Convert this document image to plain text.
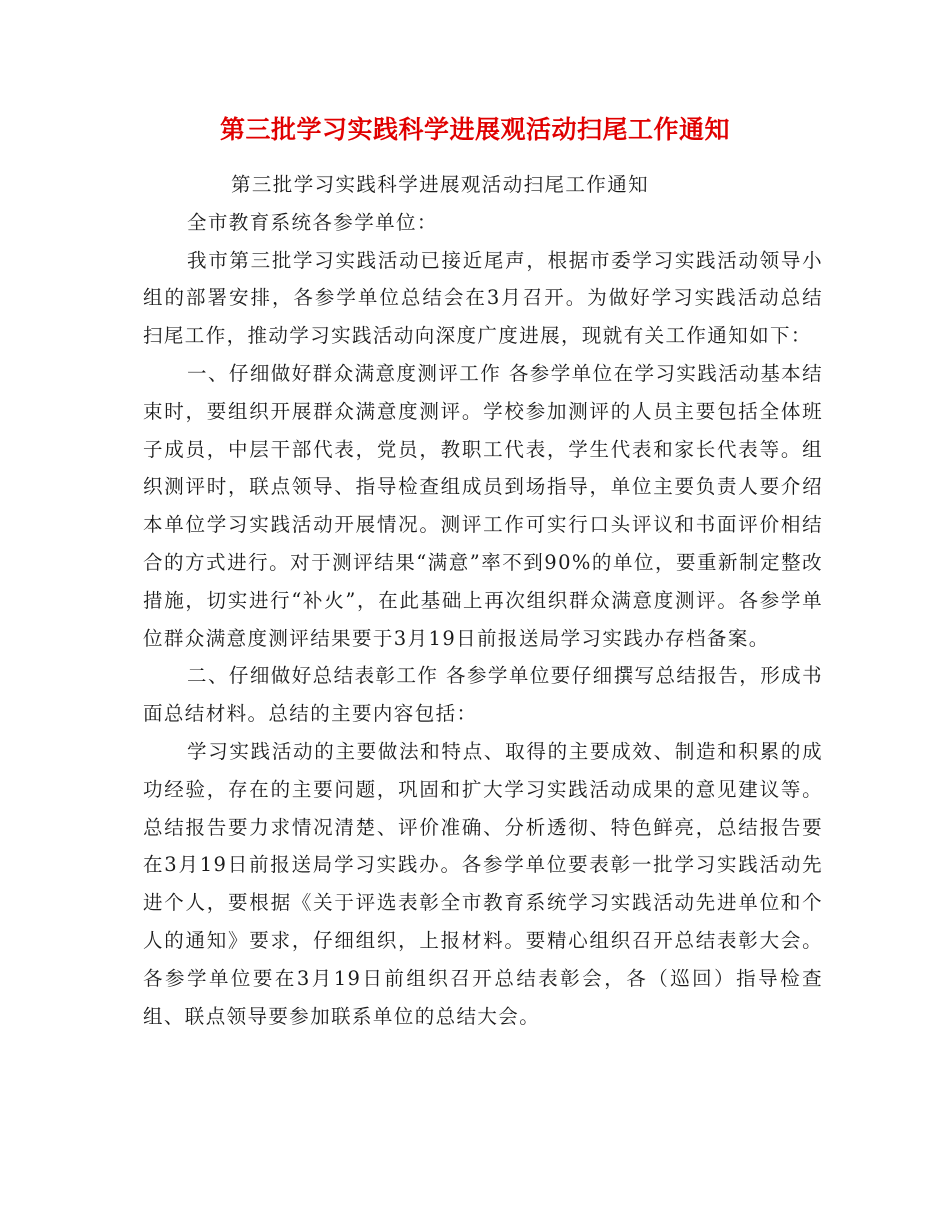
第三批学习实践科学进展观活动扫尾工作通知

第三批学习实践科学进展观活动扫尾工作通知

全市教育系统各参学单位：

我市第三批学习实践活动已接近尾声，根据市委学习实践活动领导小组的部署安排，各参学单位总结会在3月召开。为做好学习实践活动总结扫尾工作，推动学习实践活动向深度广度进展，现就有关工作通知如下：

一、仔细做好群众满意度测评工作 各参学单位在学习实践活动基本结束时，要组织开展群众满意度测评。学校参加测评的人员主要包括全体班子成员，中层干部代表，党员，教职工代表，学生代表和家长代表等。组织测评时，联点领导、指导检查组成员到场指导，单位主要负责人要介绍本单位学习实践活动开展情况。测评工作可实行口头评议和书面评价相结合的方式进行。对于测评结果“满意”率不到90%的单位，要重新制定整改措施，切实进行“补火”，在此基础上再次组织群众满意度测评。各参学单位群众满意度测评结果要于3月19日前报送局学习实践办存档备案。

二、仔细做好总结表彰工作 各参学单位要仔细撰写总结报告，形成书面总结材料。总结的主要内容包括：

学习实践活动的主要做法和特点、取得的主要成效、制造和积累的成功经验，存在的主要问题，巩固和扩大学习实践活动成果的意见建议等。总结报告要力求情况清楚、评价准确、分析透彻、特色鲜亮，总结报告要在3月19日前报送局学习实践办。各参学单位要表彰一批学习实践活动先进个人，要根据《关于评选表彰全市教育系统学习实践活动先进单位和个人的通知》要求，仔细组织，上报材料。要精心组织召开总结表彰大会。各参学单位要在3月19日前组织召开总结表彰会，各（巡回）指导检查组、联点领导要参加联系单位的总结大会。
